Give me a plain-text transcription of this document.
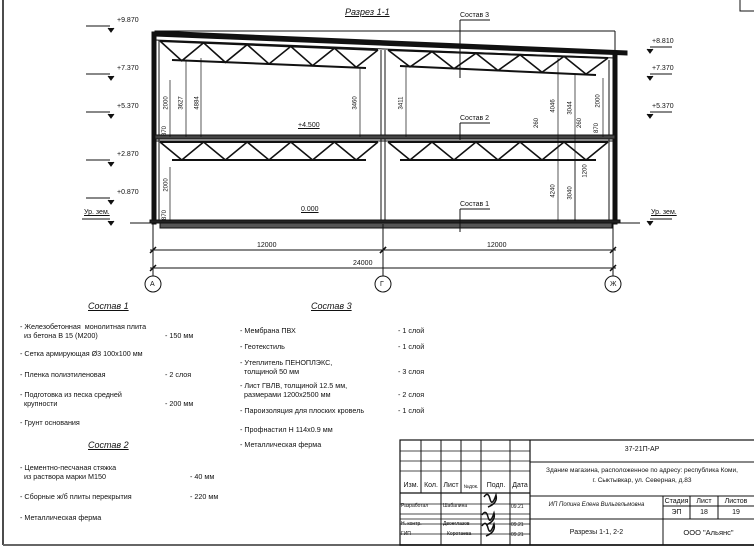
Разрез 1-1
+9.870
+7.370
+5.370
+2.870
+0.870
Ур. зем.
+8.810
+7.370
+5.370
Ур. зем.
+4.500
0.000
Состав 3
Состав 2
Состав 1
2000 3627 4884
870
2000
870
3460	3411	4046 3044
2000
870
260	260
4240 3040
1200
12000	12000
24000
А	Г	Ж
Состав 1
- Железобетонная  монолитная плита
из бетона В 15 (М200)	- 150 мм
- Сетка армирующая Ø3 100х100 мм
- Пленка полиэтиленовая	- 2 слоя
- Подготовка из песка средней
крупности	- 200 мм
- Грунт основания
Состав 2
- Цементно-песчаная стяжка
из раствора марки М150	- 40 мм
- Сборные ж/б плиты перекрытия	- 220 мм
- Металлическая ферма
Состав 3
- Мембрана ПВХ	- 1 слой
- Геотекстиль	- 1 слой
- Утеплитель ПЕНОПЛЭКС,
толщиной 50 мм	- 3 слоя
- Лист ГВЛВ, толщиной 12.5 мм,
размерами 1200х2500 мм	- 2 слоя
- Пароизоляция для плоских кровель	- 1 слой
- Профнастил Н 114х0.9 мм
- Металлическая ферма
37-21П-АР
Здание магазина, расположенное по адресу: республика Коми,
г. Сыктывкар, ул. Северная, д.83
Изм. Кол. Лист	№док.	Подп. Дата
Разработал	Шабалина	09.21
Н. контр.	Двоеглазов	09.21
ГИП	Коротаева	09.21
ИП Попина Елена Вильгельмовна	Стадия	Лист	Листов
ЭП	18	19
Разрезы 1-1, 2-2	ООО "Альянс"
